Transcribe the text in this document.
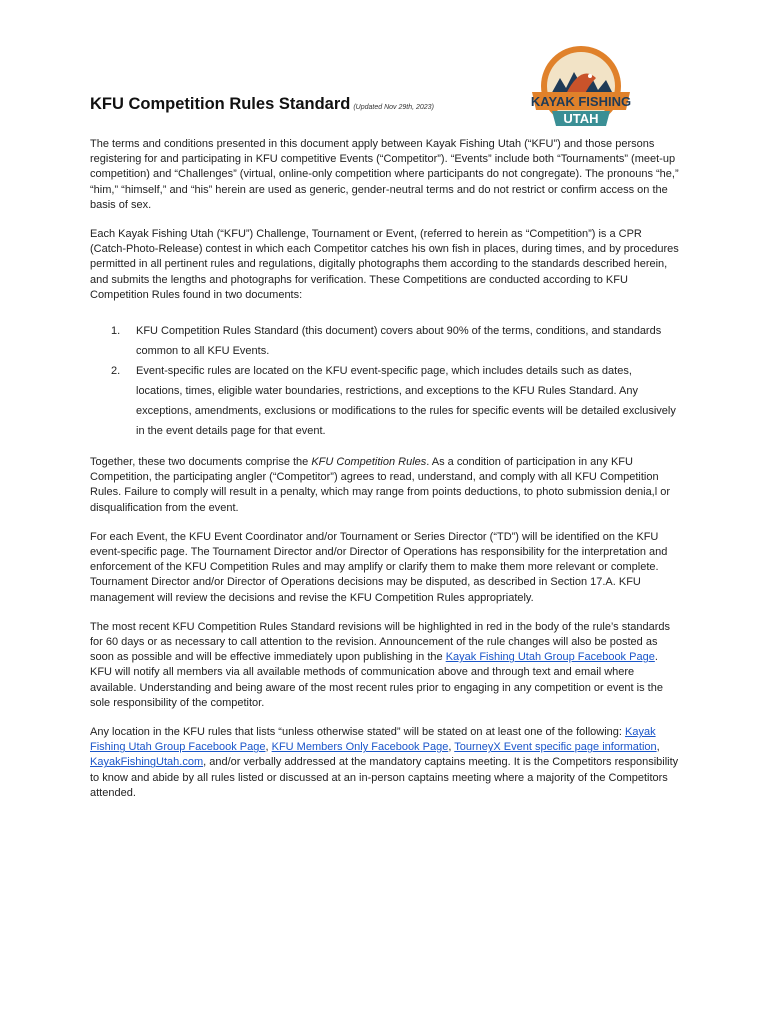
KAYAK FISHING
UTAH
2016
KFU Competition Rules Standard (Updated Nov 29th, 2023)

The terms and conditions presented in this document apply between Kayak Fishing Utah (“KFU”) and those persons registering for and participating in KFU competitive Events (“Competitor”). “Events” include both “Tournaments” (meet-up competition) and “Challenges” (virtual, online-only competition where participants do not congregate). The pronouns “he,” “him,” “himself,” and “his” herein are used as generic, gender-neutral terms and do not restrict or confirm access on the basis of sex.

Each Kayak Fishing Utah (“KFU”) Challenge, Tournament or Event, (referred to herein as “Competition”) is a CPR (Catch-Photo-Release) contest in which each Competitor catches his own fish in places, during times, and by procedures permitted in all pertinent rules and regulations, digitally photographs them according to the standards described herein, and submits the lengths and photographs for verification. These Competitions are conducted according to KFU Competition Rules found in two documents:

1. KFU Competition Rules Standard (this document) covers about 90% of the terms, conditions, and standards common to all KFU Events.
2. Event-specific rules are located on the KFU event-specific page, which includes details such as dates, locations, times, eligible water boundaries, restrictions, and exceptions to the KFU Rules Standard. Any exceptions, amendments, exclusions or modifications to the rules for specific events will be detailed exclusively in the event details page for that event.

Together, these two documents comprise the KFU Competition Rules. As a condition of participation in any KFU Competition, the participating angler (“Competitor”) agrees to read, understand, and comply with all KFU Competition Rules. Failure to comply will result in a penalty, which may range from points deductions, to photo submission denia,l or disqualification from the event.

For each Event, the KFU Event Coordinator and/or Tournament or Series Director (“TD”) will be identified on the KFU event-specific page. The Tournament Director and/or Director of Operations has responsibility for the interpretation and enforcement of the KFU Competition Rules and may amplify or clarify them to make them more relevant or complete. Tournament Director and/or Director of Operations decisions may be disputed, as described in Section 17.A. KFU management will review the decisions and revise the KFU Competition Rules appropriately.

The most recent KFU Competition Rules Standard revisions will be highlighted in red in the body of the rule’s standards for 60 days or as necessary to call attention to the revision. Announcement of the rule changes will also be posted as soon as possible and will be effective immediately upon publishing in the Kayak Fishing Utah Group Facebook Page. KFU will notify all members via all available methods of communication above and through text and email where available. Understanding and being aware of the most recent rules prior to engaging in any competition or event is the sole responsibility of the competitor.

Any location in the KFU rules that lists “unless otherwise stated” will be stated on at least one of the following: Kayak Fishing Utah Group Facebook Page, KFU Members Only Facebook Page, TourneyX Event specific page information, KayakFishingUtah.com, and/or verbally addressed at the mandatory captains meeting. It is the Competitors responsibility to know and abide by all rules listed or discussed at an in-person captains meeting where a majority of the Competitors attended.
